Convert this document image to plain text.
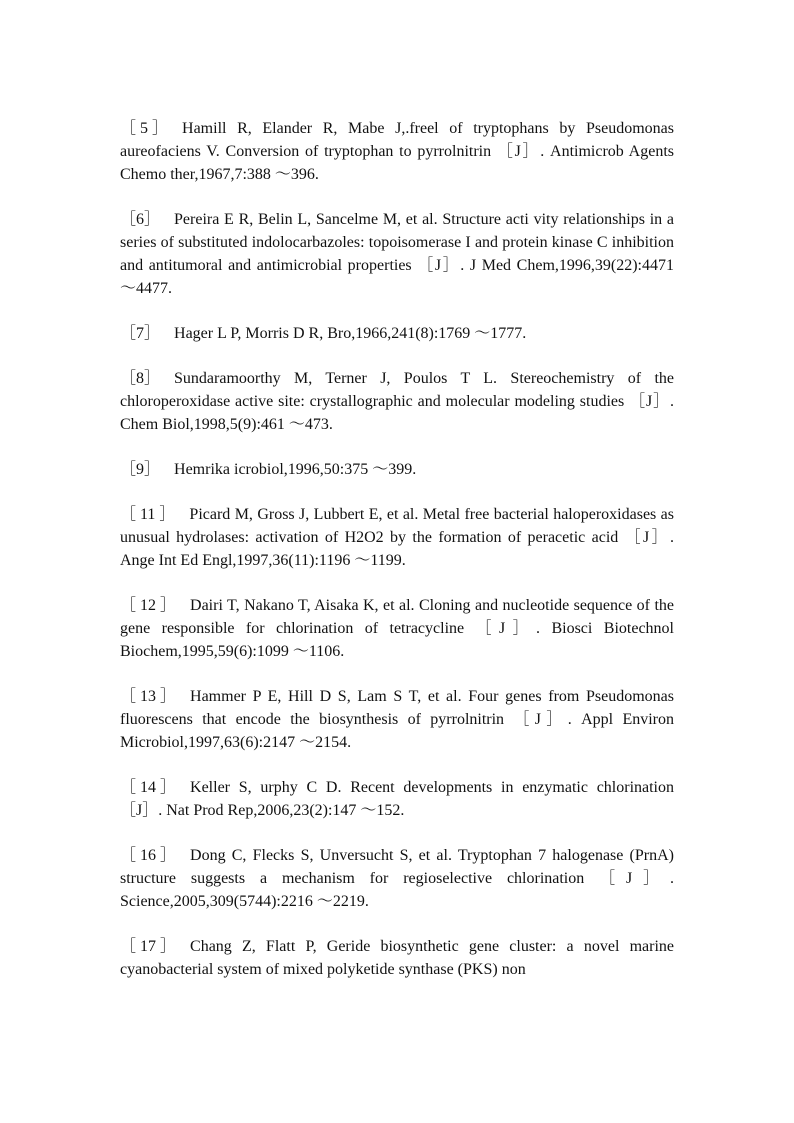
［ 5 ］ Hamill R, Elander R, Mabe J,.freel of tryptophans by Pseudomonas aureofaciens V. Conversion of tryptophan to pyrrolnitrin ［J］. Antimicrob Agents Chemo ther,1967,7:388 ～396.

［6］ Pereira E R, Belin L, Sancelme M, et al. Structure acti vity relationships in a series of substituted indolocarbazoles: topoisomerase I and protein kinase C inhibition and antitumoral and antimicrobial properties ［J］. J Med Chem,1996,39(22):4471 ～4477.

［7］ Hager L P, Morris D R, Bro,1966,241(8):1769 ～1777.

［8］ Sundaramoorthy M, Terner J, Poulos T L. Stereochemistry of the chloroperoxidase active site: crystallographic and molecular modeling studies ［J］. Chem Biol,1998,5(9):461 ～473.

［9］ Hemrika icrobiol,1996,50:375 ～399.

［ 11 ］ Picard M, Gross J, Lubbert E, et al. Metal free bacterial haloperoxidases as unusual hydrolases: activation of H2O2 by the formation of peracetic acid ［J］. Ange Int Ed Engl,1997,36(11):1196 ～1199.

［ 12 ］ Dairi T, Nakano T, Aisaka K, et al. Cloning and nucleotide sequence of the gene responsible for chlorination of tetracycline ［J］. Biosci Biotechnol Biochem,1995,59(6):1099 ～1106.

［ 13 ］ Hammer P E, Hill D S, Lam S T, et al. Four genes from Pseudomonas fluorescens that encode the biosynthesis of pyrrolnitrin ［J］. Appl Environ Microbiol,1997,63(6):2147 ～2154.

［ 14 ］ Keller S, urphy C D. Recent developments in enzymatic chlorination ［J］. Nat Prod Rep,2006,23(2):147 ～152.

［ 16 ］ Dong C, Flecks S, Unversucht S, et al. Tryptophan 7 halogenase (PrnA) structure suggests a mechanism for regioselective chlorination ［J］. Science,2005,309(5744):2216 ～2219.

［ 17 ］ Chang Z, Flatt P, Geride biosynthetic gene cluster: a novel marine cyanobacterial system of mixed polyketide synthase (PKS) non
